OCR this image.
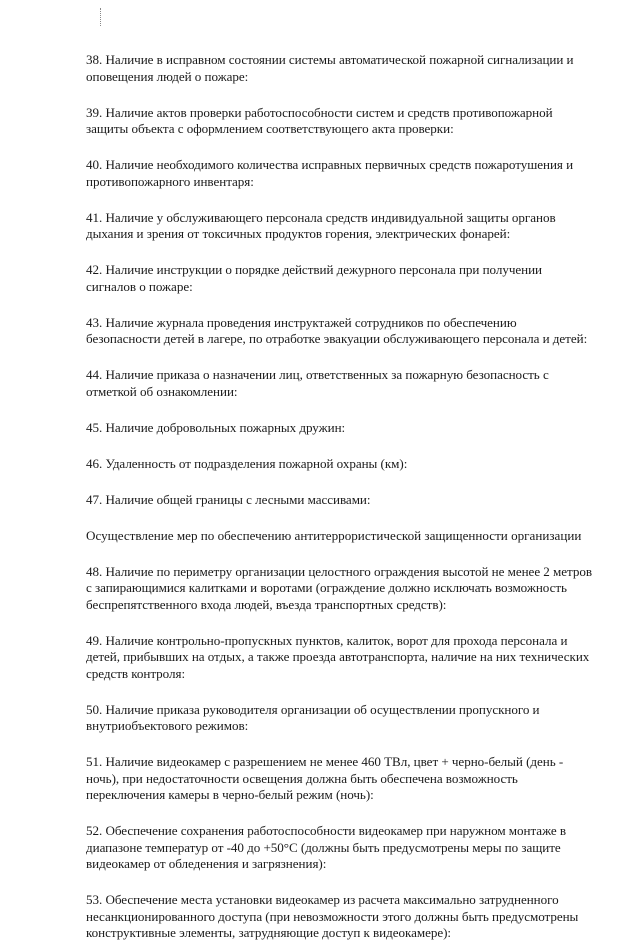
38. Наличие в исправном состоянии системы автоматической пожарной сигнализации и
оповещения людей о пожаре:
39. Наличие актов проверки работоспособности систем и средств противопожарной
защиты объекта с оформлением соответствующего акта проверки:
40. Наличие необходимого количества исправных первичных средств пожаротушения и
противопожарного инвентаря:
41. Наличие у обслуживающего персонала средств индивидуальной защиты органов
дыхания и зрения от токсичных продуктов горения, электрических фонарей:
42. Наличие инструкции о порядке действий дежурного персонала при получении
сигналов о пожаре:
43. Наличие журнала проведения инструктажей сотрудников по обеспечению
безопасности детей в лагере, по отработке эвакуации обслуживающего персонала и детей:
44. Наличие приказа о назначении лиц, ответственных за пожарную безопасность с
отметкой об ознакомлении:
45. Наличие добровольных пожарных дружин:
46. Удаленность от подразделения пожарной охраны (км):
47. Наличие общей границы с лесными массивами:
Осуществление мер по обеспечению антитеррористической защищенности организации
48. Наличие по периметру организации целостного ограждения высотой не менее 2 метров
с запирающимися калитками и воротами (ограждение должно исключать возможность
беспрепятственного входа людей, въезда транспортных средств):
49. Наличие контрольно-пропускных пунктов, калиток, ворот для прохода персонала и
детей, прибывших на отдых, а также проезда автотранспорта, наличие на них технических
средств контроля:
50. Наличие приказа руководителя организации об осуществлении пропускного и
внутриобъектового режимов:
51. Наличие видеокамер с разрешением не менее 460 ТВл, цвет + черно-белый (день -
ночь), при недостаточности освещения должна быть обеспечена возможность
переключения камеры в черно-белый режим (ночь):
52. Обеспечение сохранения работоспособности видеокамер при наружном монтаже в
диапазоне температур от -40 до +50°С (должны быть предусмотрены меры по защите
видеокамер от обледенения и загрязнения):
53. Обеспечение места установки видеокамер из расчета максимально затрудненного
несанкционированного доступа (при невозможности этого должны быть предусмотрены
конструктивные элементы, затрудняющие доступ к видеокамере):
